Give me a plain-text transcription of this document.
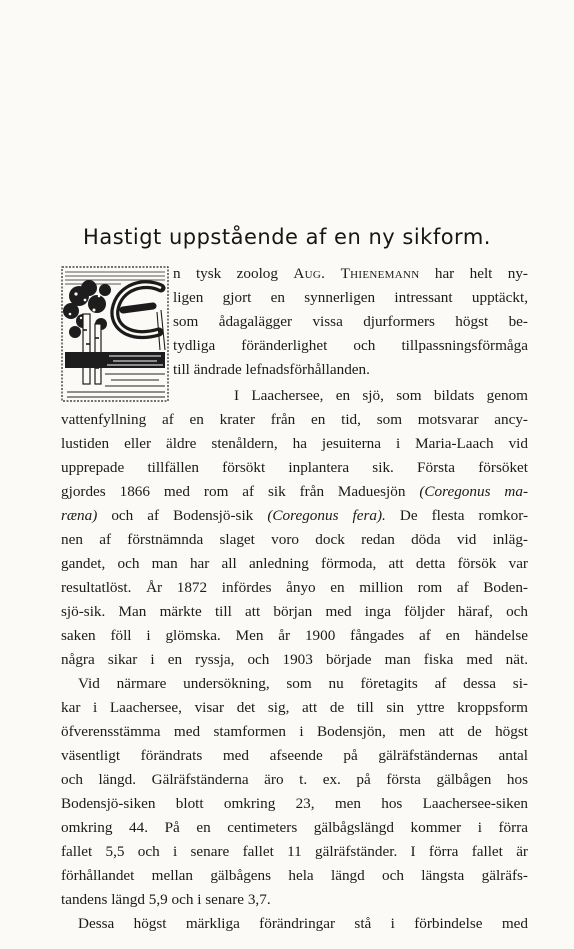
Hastigt uppstående af en ny sikform.
n tysk zoolog Aug. Thienemann har helt ny-
ligen gjort en synnerligen intressant upptäckt,
som ådagalägger vissa djurformers högst be-
tydliga föränderlighet och tillpassningsförmåga
till ändrade lefnadsförhållanden.
I Laachersee, en sjö, som bildats genom
vattenfyllning af en krater från en tid, som motsvarar ancy-
lustiden eller äldre stenåldern, ha jesuiterna i Maria-Laach vid
upprepade tillfällen försökt inplantera sik. Första försöket
gjordes 1866 med rom af sik från Maduesjön (Coregonus ma-
ræna) och af Bodensjö-sik (Coregonus fera). De flesta romkor-
nen af förstnämnda slaget voro dock redan döda vid inläg-
gandet, och man har all anledning förmoda, att detta försök var
resultatlöst. År 1872 infördes ånyo en million rom af Boden-
sjö-sik. Man märkte till att början med inga följder häraf, och
saken föll i glömska. Men år 1900 fångades af en händelse
några sikar i en ryssja, och 1903 började man fiska med nät.
Vid närmare undersökning, som nu företagits af dessa si-
kar i Laachersee, visar det sig, att de till sin yttre kroppsform
öfverensstämma med stamformen i Bodensjön, men att de högst
väsentligt förändrats med afseende på gälräfständernas antal
och längd. Gälräfständerna äro t. ex. på första gälbågen hos
Bodensjö-siken blott omkring 23, men hos Laachersee-siken
omkring 44. På en centimeters gälbågslängd kommer i förra
fallet 5,5 och i senare fallet 11 gälräfständer. I förra fallet är
förhållandet mellan gälbågens hela längd och längsta gälräfs-
tandens längd 5,9 och i senare 3,7.
Dessa högst märkliga förändringar stå i förbindelse med
